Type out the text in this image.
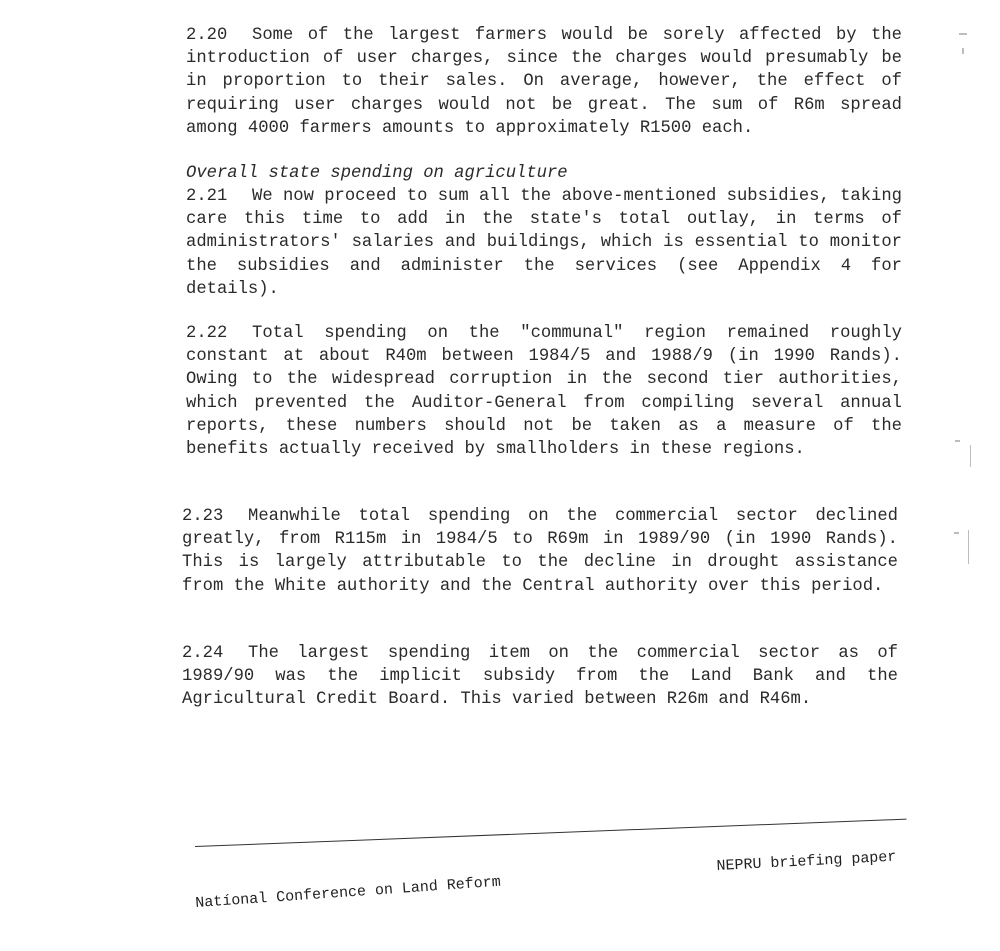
2.20 Some of the largest farmers would be sorely affected by the introduction of user charges, since the charges would presumably be in proportion to their sales. On average, however, the effect of requiring user charges would not be great. The sum of R6m spread among 4000 farmers amounts to approximately R1500 each.
Overall state spending on agriculture
2.21 We now proceed to sum all the above-mentioned subsidies, taking care this time to add in the state's total outlay, in terms of administrators' salaries and buildings, which is essential to monitor the subsidies and administer the services (see Appendix 4 for details).
2.22 Total spending on the "communal" region remained roughly constant at about R40m between 1984/5 and 1988/9 (in 1990 Rands). Owing to the widespread corruption in the second tier authorities, which prevented the Auditor-General from compiling several annual reports, these numbers should not be taken as a measure of the benefits actually received by smallholders in these regions.
2.23 Meanwhile total spending on the commercial sector declined greatly, from R115m in 1984/5 to R69m in 1989/90 (in 1990 Rands). This is largely attributable to the decline in drought assistance from the White authority and the Central authority over this period.
2.24 The largest spending item on the commercial sector as of 1989/90 was the implicit subsidy from the Land Bank and the Agricultural Credit Board. This varied between R26m and R46m.
NEPRU briefing paper
Natíonal Conference on Land Reform
